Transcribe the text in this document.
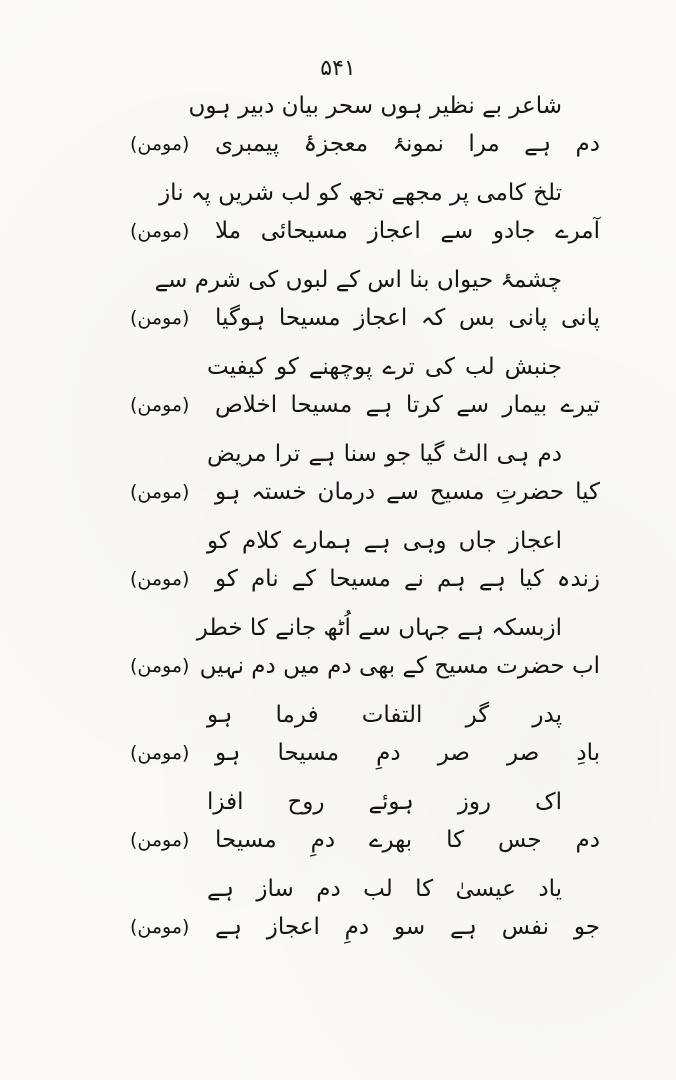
۵۴۱
شاعر بے نظیر ہوں سحر بیان دبیر ہوں
دم ہے مرا نمونۂ معجزۂ پیمبری
(مومن)
تلخ کامی پر مجھے تجھ کو لب شریں پہ ناز
آمرے جادو سے اعجاز مسیحائی ملا
(مومن)
چشمۂ حیواں بنا اس کے لبوں کی شرم سے
پانی پانی بس کہ اعجاز مسیحا ہوگیا
(مومن)
جنبش لب کی ترے پوچھنے کو کیفیت
تیرے بیمار سے کرتا ہے مسیحا اخلاص
(مومن)
دم ہی الٹ گیا جو سنا ہے ترا مریض
کیا حضرتِ مسیح سے درمان خستہ ہو
(مومن)
اعجاز جاں وہی ہے ہمارے کلام کو
زندہ کیا ہے ہم نے مسیحا کے نام کو
(مومن)
ازبسکہ ہے جہاں سے اُٹھ جانے کا خطر
اب حضرت مسیح کے بھی دم میں دم نہیں
(مومن)
پدر گر التفات فرما ہو
بادِ صر صر دمِ مسیحا ہو
(مومن)
اک روز ہوئے روح افزا
دم جس کا بھرے دمِ مسیحا
(مومن)
یاد عیسیٰ کا لب دم ساز ہے
جو نفس ہے سو دمِ اعجاز ہے
(مومن)
